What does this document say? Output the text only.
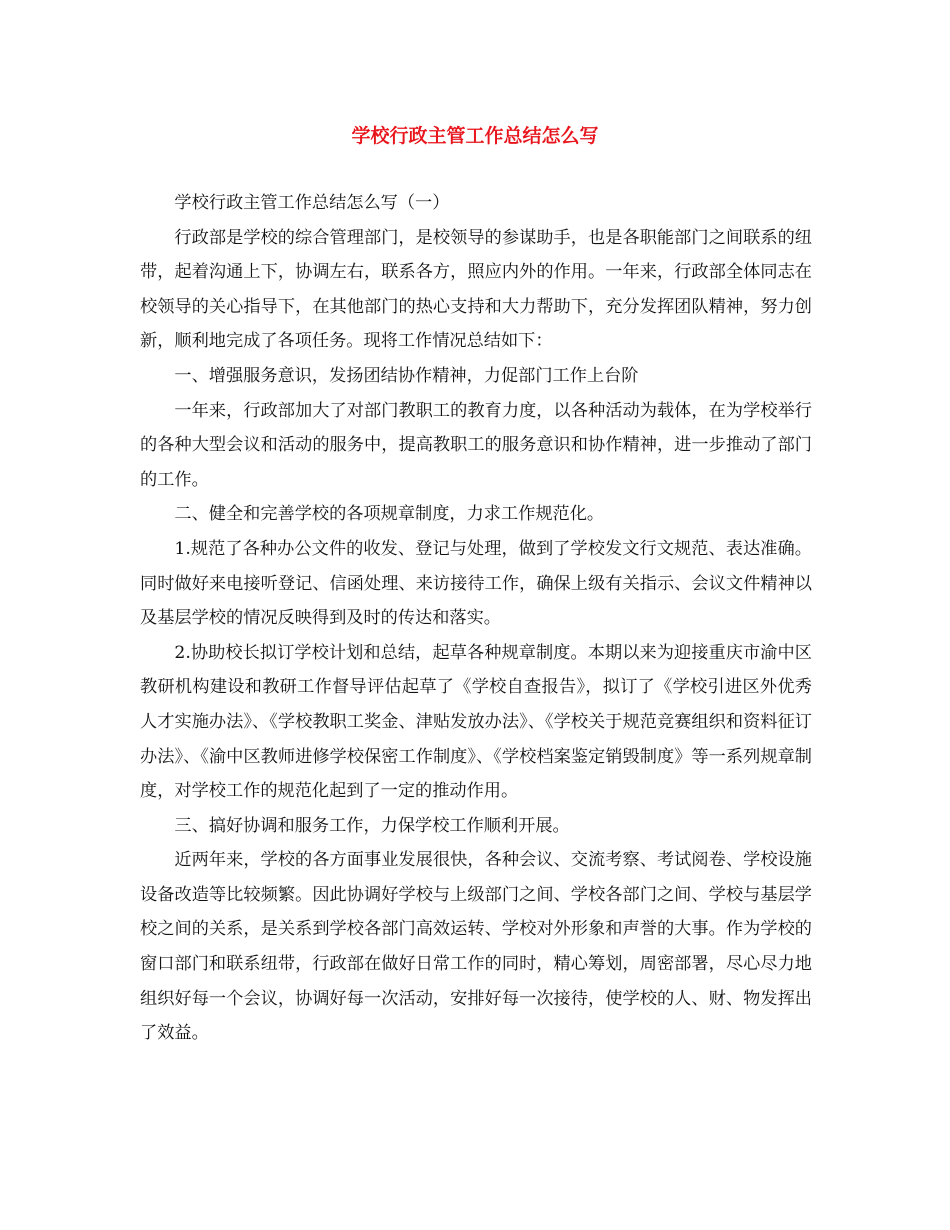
学校行政主管工作总结怎么写

学校行政主管工作总结怎么写（一）

行政部是学校的综合管理部门，是校领导的参谋助手，也是各职能部门之间联系的纽带，起着沟通上下，协调左右，联系各方，照应内外的作用。一年来，行政部全体同志在校领导的关心指导下，在其他部门的热心支持和大力帮助下，充分发挥团队精神，努力创新，顺利地完成了各项任务。现将工作情况总结如下：

一、增强服务意识，发扬团结协作精神，力促部门工作上台阶

一年来，行政部加大了对部门教职工的教育力度，以各种活动为载体，在为学校举行的各种大型会议和活动的服务中，提高教职工的服务意识和协作精神，进一步推动了部门的工作。

二、健全和完善学校的各项规章制度，力求工作规范化。

1.规范了各种办公文件的收发、登记与处理，做到了学校发文行文规范、表达准确。同时做好来电接听登记、信函处理、来访接待工作，确保上级有关指示、会议文件精神以及基层学校的情况反映得到及时的传达和落实。

2.协助校长拟订学校计划和总结，起草各种规章制度。本期以来为迎接重庆市渝中区教研机构建设和教研工作督导评估起草了《学校自查报告》，拟订了《学校引进区外优秀人才实施办法》、《学校教职工奖金、津贴发放办法》、《学校关于规范竞赛组织和资料征订办法》、《渝中区教师进修学校保密工作制度》、《学校档案鉴定销毁制度》等一系列规章制度，对学校工作的规范化起到了一定的推动作用。

三、搞好协调和服务工作，力保学校工作顺利开展。

近两年来，学校的各方面事业发展很快，各种会议、交流考察、考试阅卷、学校设施设备改造等比较频繁。因此协调好学校与上级部门之间、学校各部门之间、学校与基层学校之间的关系，是关系到学校各部门高效运转、学校对外形象和声誉的大事。作为学校的窗口部门和联系纽带，行政部在做好日常工作的同时，精心筹划，周密部署，尽心尽力地组织好每一个会议，协调好每一次活动，安排好每一次接待，使学校的人、财、物发挥出了效益。
